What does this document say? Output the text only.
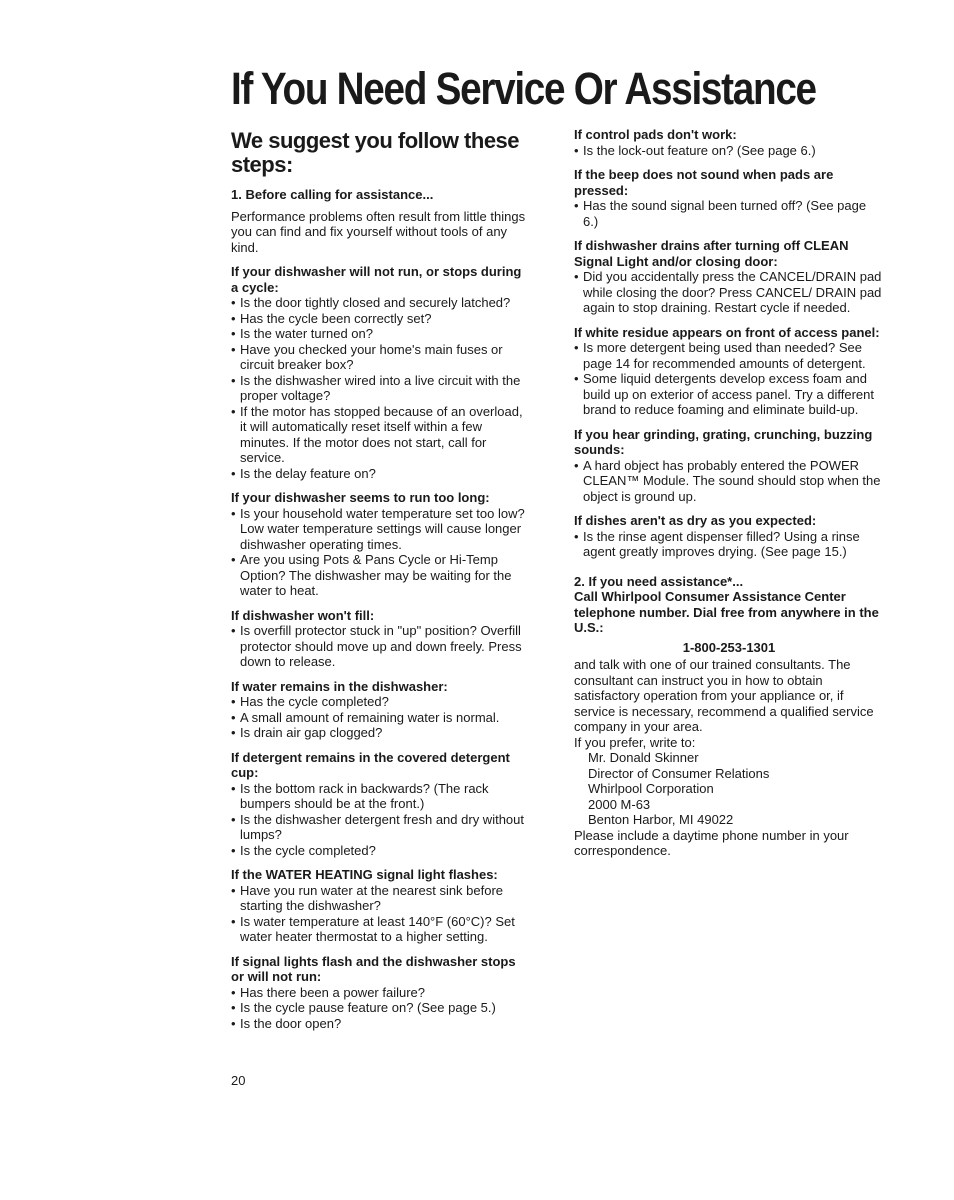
If You Need Service Or Assistance
We suggest you follow these steps:
1. Before calling for assistance...

Performance problems often result from little things you can find and fix yourself without tools of any kind.

If your dishwasher will not run, or stops during a cycle:
• Is the door tightly closed and securely latched?
• Has the cycle been correctly set?
• Is the water turned on?
• Have you checked your home's main fuses or circuit breaker box?
• Is the dishwasher wired into a live circuit with the proper voltage?
• If the motor has stopped because of an overload, it will automatically reset itself within a few minutes. If the motor does not start, call for service.
• Is the delay feature on?
If your dishwasher seems to run too long:
• Is your household water temperature set too low? Low water temperature settings will cause longer dishwasher operating times.
• Are you using Pots & Pans Cycle or Hi-Temp Option? The dishwasher may be waiting for the water to heat.
If dishwasher won't fill:
• Is overfill protector stuck in "up" position? Overfill protector should move up and down freely. Press down to release.
If water remains in the dishwasher:
• Has the cycle completed?
• A small amount of remaining water is normal.
• Is drain air gap clogged?
If detergent remains in the covered detergent cup:
• Is the bottom rack in backwards? (The rack bumpers should be at the front.)
• Is the dishwasher detergent fresh and dry without lumps?
• Is the cycle completed?
If the WATER HEATING signal light flashes:
• Have you run water at the nearest sink before starting the dishwasher?
• Is water temperature at least 140°F (60°C)? Set water heater thermostat to a higher setting.
If signal lights flash and the dishwasher stops or will not run:
• Has there been a power failure?
• Is the cycle pause feature on? (See page 5.)
• Is the door open?
If control pads don't work:
• Is the lock-out feature on? (See page 6.)
If the beep does not sound when pads are pressed:
• Has the sound signal been turned off? (See page 6.)
If dishwasher drains after turning off CLEAN Signal Light and/or closing door:
• Did you accidentally press the CANCEL/DRAIN pad while closing the door? Press CANCEL/ DRAIN pad again to stop draining. Restart cycle if needed.
If white residue appears on front of access panel:
• Is more detergent being used than needed? See page 14 for recommended amounts of detergent.
• Some liquid detergents develop excess foam and build up on exterior of access panel. Try a different brand to reduce foaming and eliminate build-up.
If you hear grinding, grating, crunching, buzzing sounds:
• A hard object has probably entered the POWER CLEAN™ Module. The sound should stop when the object is ground up.
If dishes aren't as dry as you expected:
• Is the rinse agent dispenser filled? Using a rinse agent greatly improves drying. (See page 15.)
2. If you need assistance*...
Call Whirlpool Consumer Assistance Center telephone number. Dial free from anywhere in the U.S.:
1-800-253-1301

and talk with one of our trained consultants. The consultant can instruct you in how to obtain satisfactory operation from your appliance or, if service is necessary, recommend a qualified service company in your area.

If you prefer, write to:

Mr. Donald Skinner
Director of Consumer Relations
Whirlpool Corporation
2000 M-63
Benton Harbor, MI 49022

Please include a daytime phone number in your correspondence.

20
